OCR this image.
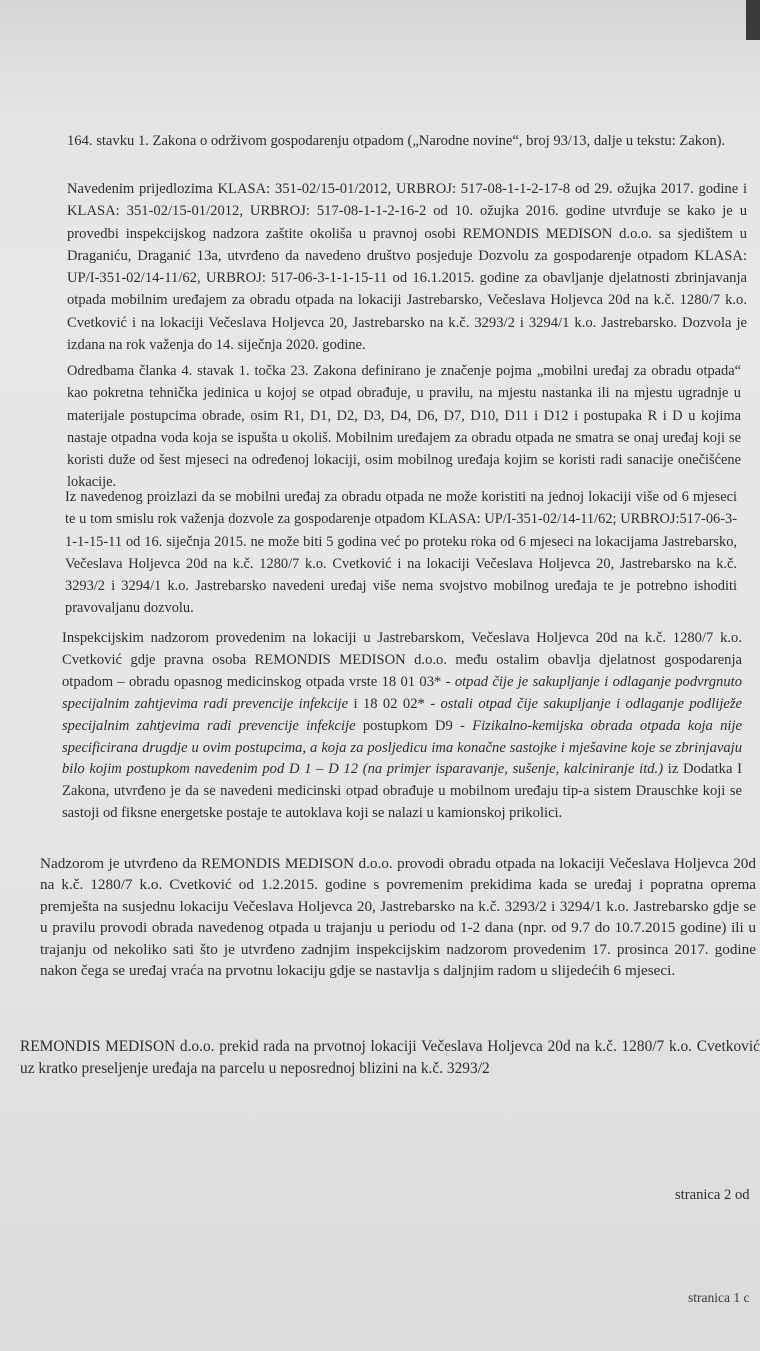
164. stavku 1. Zakona o održivom gospodarenju otpadom („Narodne novine“, broj 93/13, dalje u tekstu: Zakon).

Navedenim prijedlozima KLASA: 351-02/15-01/2012, URBROJ: 517-08-1-1-2-17-8 od 29. ožujka 2017. godine i KLASA: 351-02/15-01/2012, URBROJ: 517-08-1-1-2-16-2 od 10. ožujka 2016. godine utvrđuje se kako je u provedbi inspekcijskog nadzora zaštite okoliša u pravnoj osobi REMONDIS MEDISON d.o.o. sa sjedištem u Draganiću, Draganić 13a, utvrđeno da navedeno društvo posjeduje Dozvolu za gospodarenje otpadom KLASA: UP/I-351-02/14-11/62, URBROJ: 517-06-3-1-1-15-11 od 16.1.2015. godine za obavljanje djelatnosti zbrinjavanja otpada mobilnim uređajem za obradu otpada na lokaciji Jastrebarsko, Večeslava Holjevca 20d na k.č. 1280/7 k.o. Cvetković i na lokaciji Večeslava Holjevca 20, Jastrebarsko na k.č. 3293/2 i 3294/1 k.o. Jastrebarsko. Dozvola je izdana na rok važenja do 14. siječnja 2020. godine.

Odredbama članka 4. stavak 1. točka 23. Zakona definirano je značenje pojma „mobilni uređaj za obradu otpada“ kao pokretna tehnička jedinica u kojoj se otpad obrađuje, u pravilu, na mjestu nastanka ili na mjestu ugradnje u materijale postupcima obrade, osim R1, D1, D2, D3, D4, D6, D7, D10, D11 i D12 i postupaka R i D u kojima nastaje otpadna voda koja se ispušta u okoliš. Mobilnim uređajem za obradu otpada ne smatra se onaj uređaj koji se koristi duže od šest mjeseci na određenoj lokaciji, osim mobilnog uređaja kojim se koristi radi sanacije onečišćene lokacije.

Iz navedenog proizlazi da se mobilni uređaj za obradu otpada ne može koristiti na jednoj lokaciji više od 6 mjeseci te u tom smislu rok važenja dozvole za gospodarenje otpadom KLASA: UP/I-351-02/14-11/62; URBROJ:517-06-3-1-1-15-11 od 16. siječnja 2015. ne može biti 5 godina već po proteku roka od 6 mjeseci na lokacijama Jastrebarsko, Večeslava Holjevca 20d na k.č. 1280/7 k.o. Cvetković i na lokaciji Večeslava Holjevca 20, Jastrebarsko na k.č. 3293/2 i 3294/1 k.o. Jastrebarsko navedeni uređaj više nema svojstvo mobilnog uređaja te je potrebno ishoditi pravovaljanu dozvolu.

Inspekcijskim nadzorom provedenim na lokaciji u Jastrebarskom, Večeslava Holjevca 20d na k.č. 1280/7 k.o. Cvetković gdje pravna osoba REMONDIS MEDISON d.o.o. među ostalim obavlja djelatnost gospodarenja otpadom – obradu opasnog medicinskog otpada vrste 18 01 03* - otpad čije je sakupljanje i odlaganje podvrgnuto specijalnim zahtjevima radi prevencije infekcije i 18 02 02* - ostali otpad čije sakupljanje i odlaganje podliježe specijalnim zahtjevima radi prevencije infekcije postupkom D9 - Fizikalno-kemijska obrada otpada koja nije specificirana drugdje u ovim postupcima, a koja za posljedicu ima konačne sastojke i mješavine koje se zbrinjavaju bilo kojim postupkom navedenim pod D 1 – D 12 (na primjer isparavanje, sušenje, kalciniranje itd.) iz Dodatka I Zakona, utvrđeno je da se navedeni medicinski otpad obrađuje u mobilnom uređaju tip-a sistem Drauschke koji se sastoji od fiksne energetske postaje te autoklava koji se nalazi u kamionskoj prikolici.

Nadzorom je utvrđeno da REMONDIS MEDISON d.o.o. provodi obradu otpada na lokaciji Večeslava Holjevca 20d na k.č. 1280/7 k.o. Cvetković od 1.2.2015. godine s povremenim prekidima kada se uređaj i popratna oprema premješta na susjednu lokaciju Večeslava Holjevca 20, Jastrebarsko na k.č. 3293/2 i 3294/1 k.o. Jastrebarsko gdje se u pravilu provodi obrada navedenog otpada u trajanju u periodu od 1-2 dana (npr. od 9.7 do 10.7.2015 godine) ili u trajanju od nekoliko sati što je utvrđeno zadnjim inspekcijskim nadzorom provedenim 17. prosinca 2017. godine nakon čega se uređaj vraća na prvotnu lokaciju gdje se nastavlja s daljnjim radom u slijedećih 6 mjeseci.

REMONDIS MEDISON d.o.o. prekid rada na prvotnoj lokaciji Večeslava Holjevca 20d na k.č. 1280/7 k.o. Cvetković uz kratko preseljenje uređaja na parcelu u neposrednoj blizini na k.č. 3293/2

stranica 2 od
stranica 1 c
